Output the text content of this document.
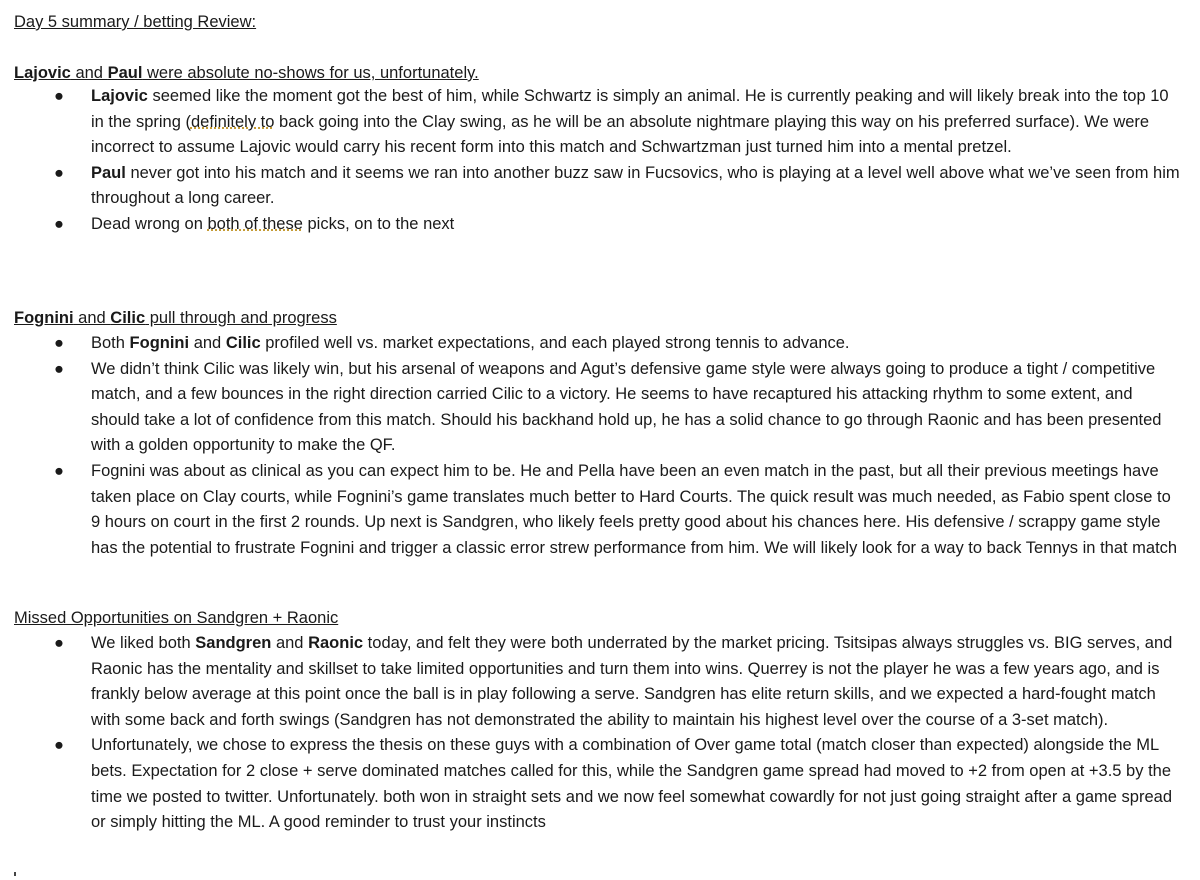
Day 5 summary / betting Review:
Lajovic and Paul were absolute no-shows for us, unfortunately.
● Lajovic seemed like the moment got the best of him, while Schwartz is simply an animal. He is currently peaking and will likely break into the top 10 in the spring (definitely to back going into the Clay swing, as he will be an absolute nightmare playing this way on his preferred surface). We were incorrect to assume Lajovic would carry his recent form into this match and Schwartzman just turned him into a mental pretzel.
● Paul never got into his match and it seems we ran into another buzz saw in Fucsovics, who is playing at a level well above what we’ve seen from him throughout a long career.
● Dead wrong on both of these picks, on to the next
Fognini and Cilic pull through and progress
● Both Fognini and Cilic profiled well vs. market expectations, and each played strong tennis to advance.
● We didn’t think Cilic was likely win, but his arsenal of weapons and Agut’s defensive game style were always going to produce a tight / competitive match, and a few bounces in the right direction carried Cilic to a victory. He seems to have recaptured his attacking rhythm to some extent, and should take a lot of confidence from this match. Should his backhand hold up, he has a solid chance to go through Raonic and has been presented with a golden opportunity to make the QF.
● Fognini was about as clinical as you can expect him to be. He and Pella have been an even match in the past, but all their previous meetings have taken place on Clay courts, while Fognini’s game translates much better to Hard Courts. The quick result was much needed, as Fabio spent close to 9 hours on court in the first 2 rounds. Up next is Sandgren, who likely feels pretty good about his chances here. His defensive / scrappy game style has the potential to frustrate Fognini and trigger a classic error strew performance from him. We will likely look for a way to back Tennys in that match
Missed Opportunities on Sandgren + Raonic
● We liked both Sandgren and Raonic today, and felt they were both underrated by the market pricing. Tsitsipas always struggles vs. BIG serves, and Raonic has the mentality and skillset to take limited opportunities and turn them into wins. Querrey is not the player he was a few years ago, and is frankly below average at this point once the ball is in play following a serve. Sandgren has elite return skills, and we expected a hard-fought match with some back and forth swings (Sandgren has not demonstrated the ability to maintain his highest level over the course of a 3-set match).
● Unfortunately, we chose to express the thesis on these guys with a combination of Over game total (match closer than expected) alongside the ML bets. Expectation for 2 close + serve dominated matches called for this, while the Sandgren game spread had moved to +2 from open at +3.5 by the time we posted to twitter. Unfortunately. both won in straight sets and we now feel somewhat cowardly for not just going straight after a game spread or simply hitting the ML. A good reminder to trust your instincts
